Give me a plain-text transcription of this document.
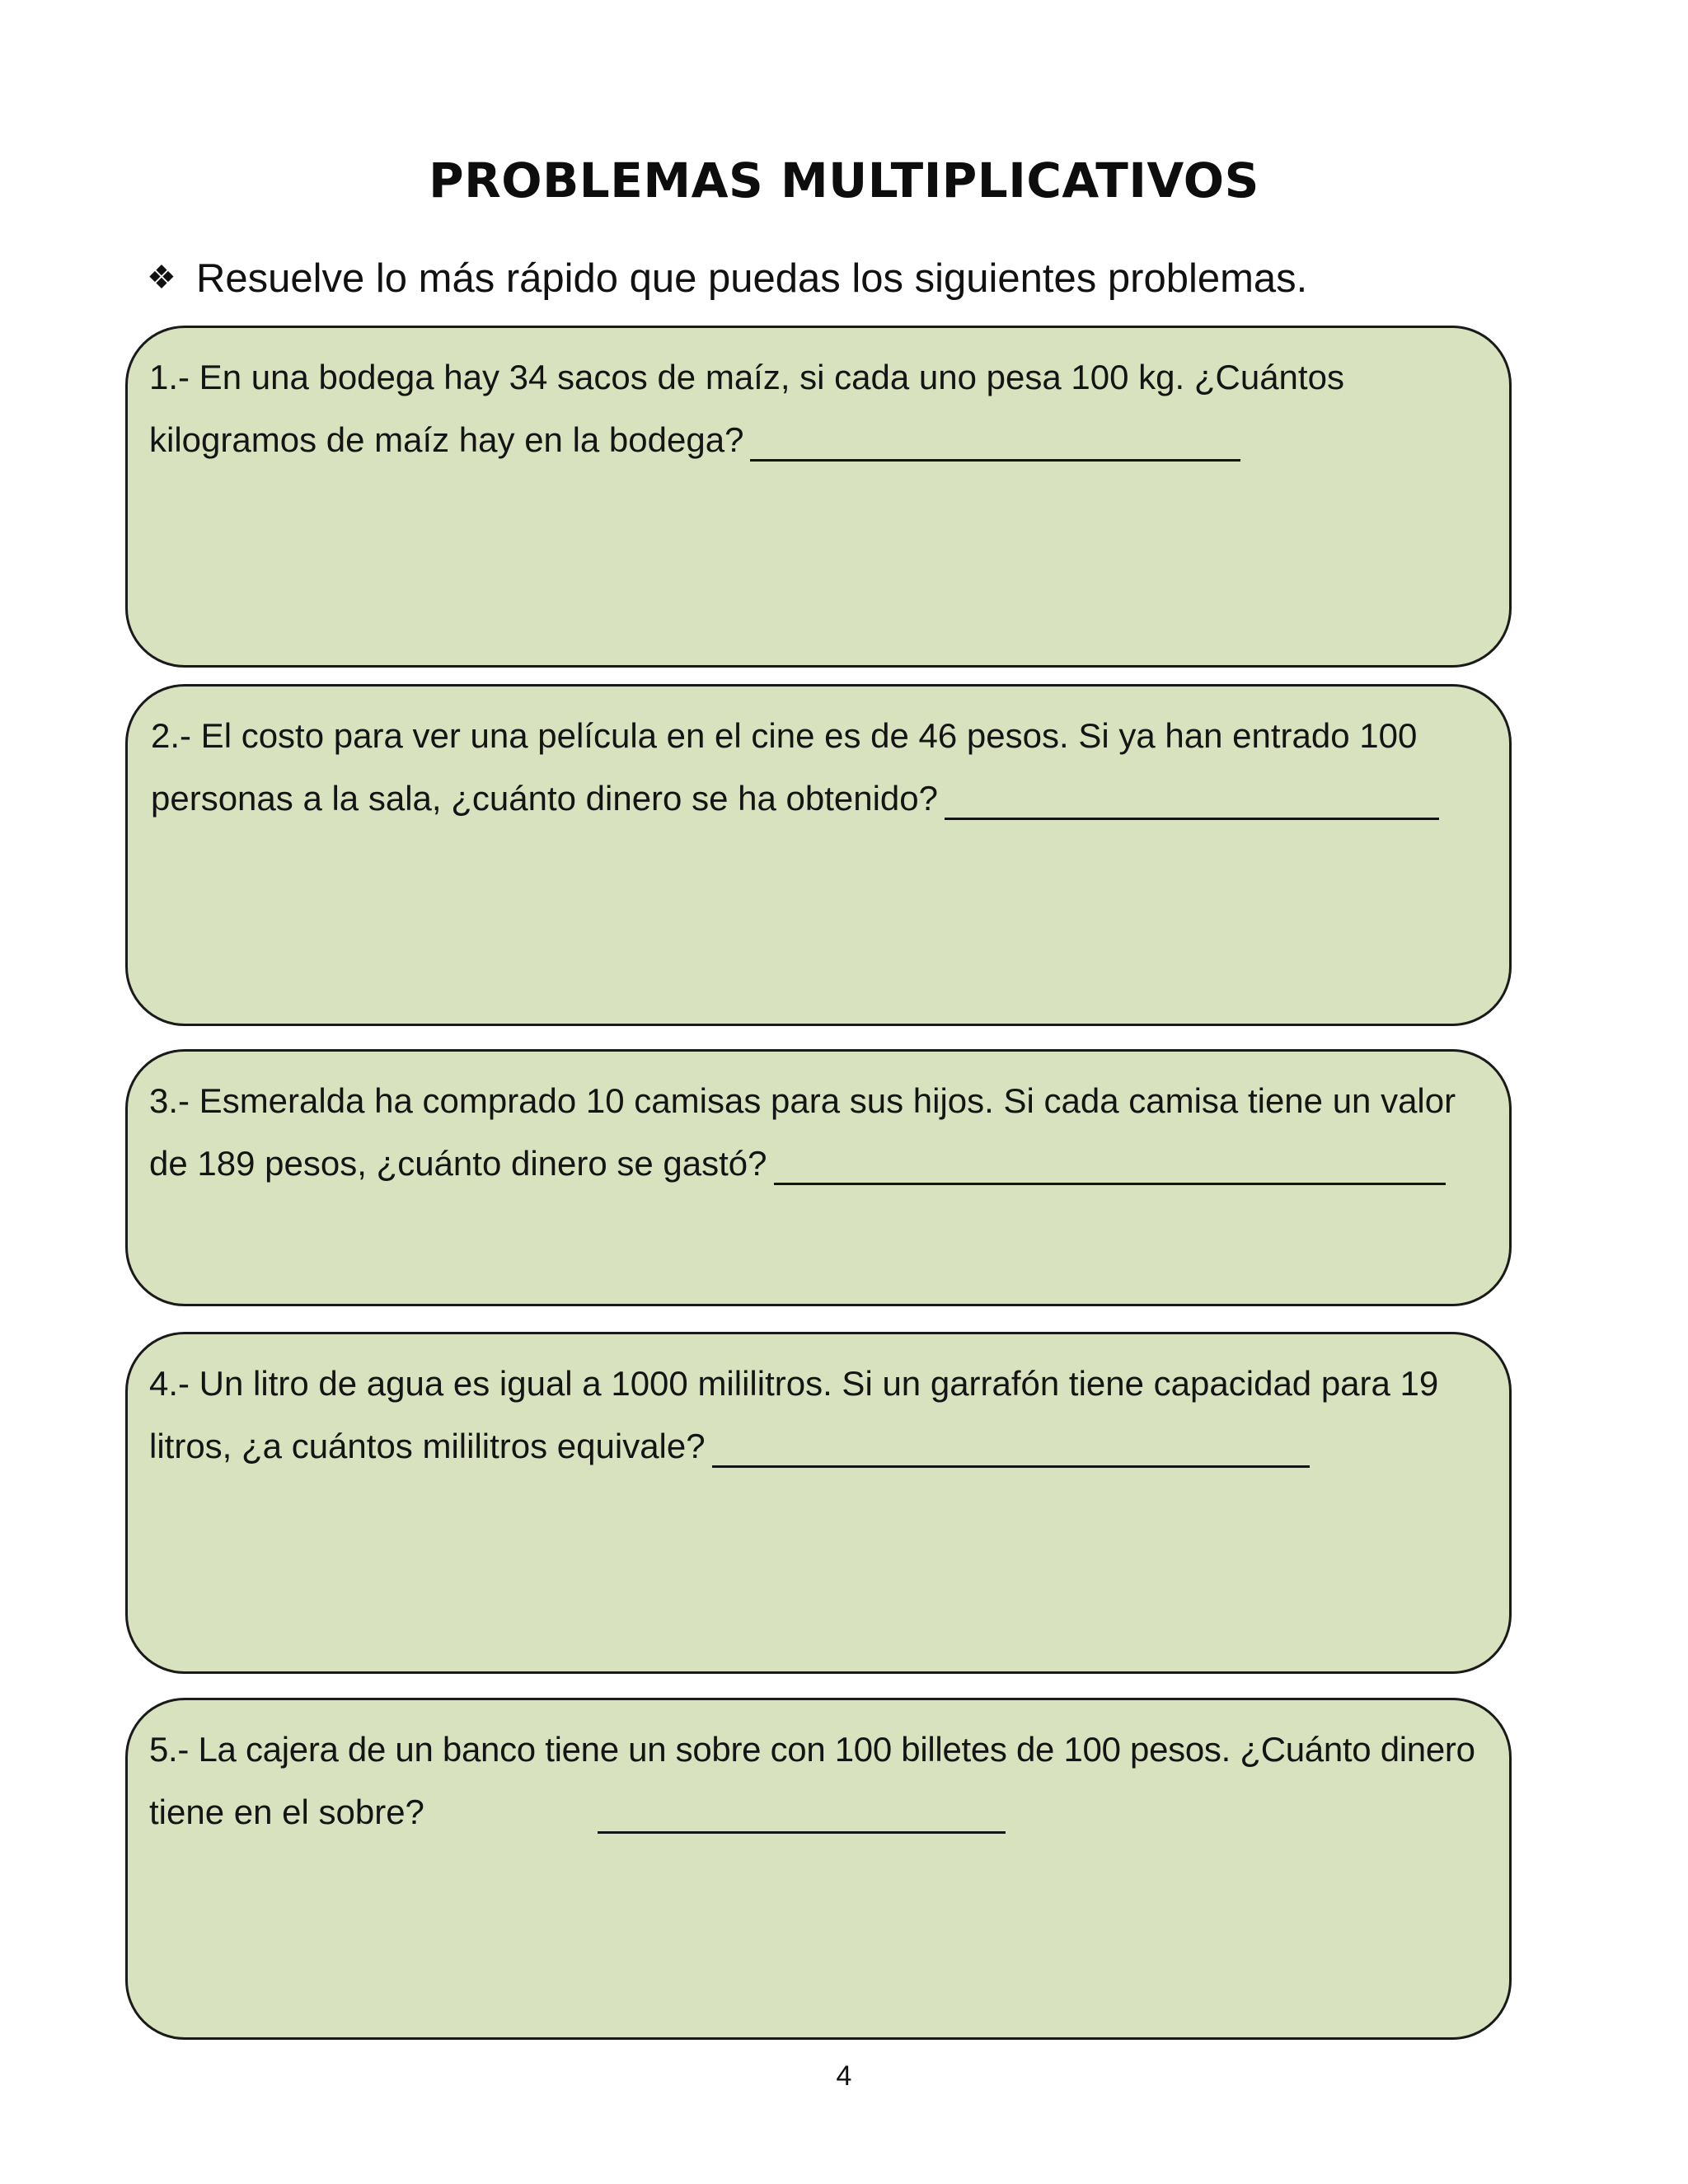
PROBLEMAS MULTIPLICATIVOS
❖ Resuelve lo más rápido que puedas los siguientes problemas.
1.- En una bodega hay 34 sacos de maíz, si cada uno pesa 100 kg. ¿Cuántos
kilogramos de maíz hay en la bodega?
2.- El costo para ver una película en el cine es de 46 pesos. Si ya han entrado 100
personas a la sala, ¿cuánto dinero se ha obtenido?
3.- Esmeralda ha comprado 10 camisas para sus hijos. Si cada camisa tiene un valor
de 189 pesos, ¿cuánto dinero se gastó?
4.- Un litro de agua es igual a 1000 mililitros. Si un garrafón tiene capacidad para 19
litros, ¿a cuántos mililitros equivale?
5.- La cajera de un banco tiene un sobre con 100 billetes de 100 pesos. ¿Cuánto dinero
tiene en el sobre?
4
